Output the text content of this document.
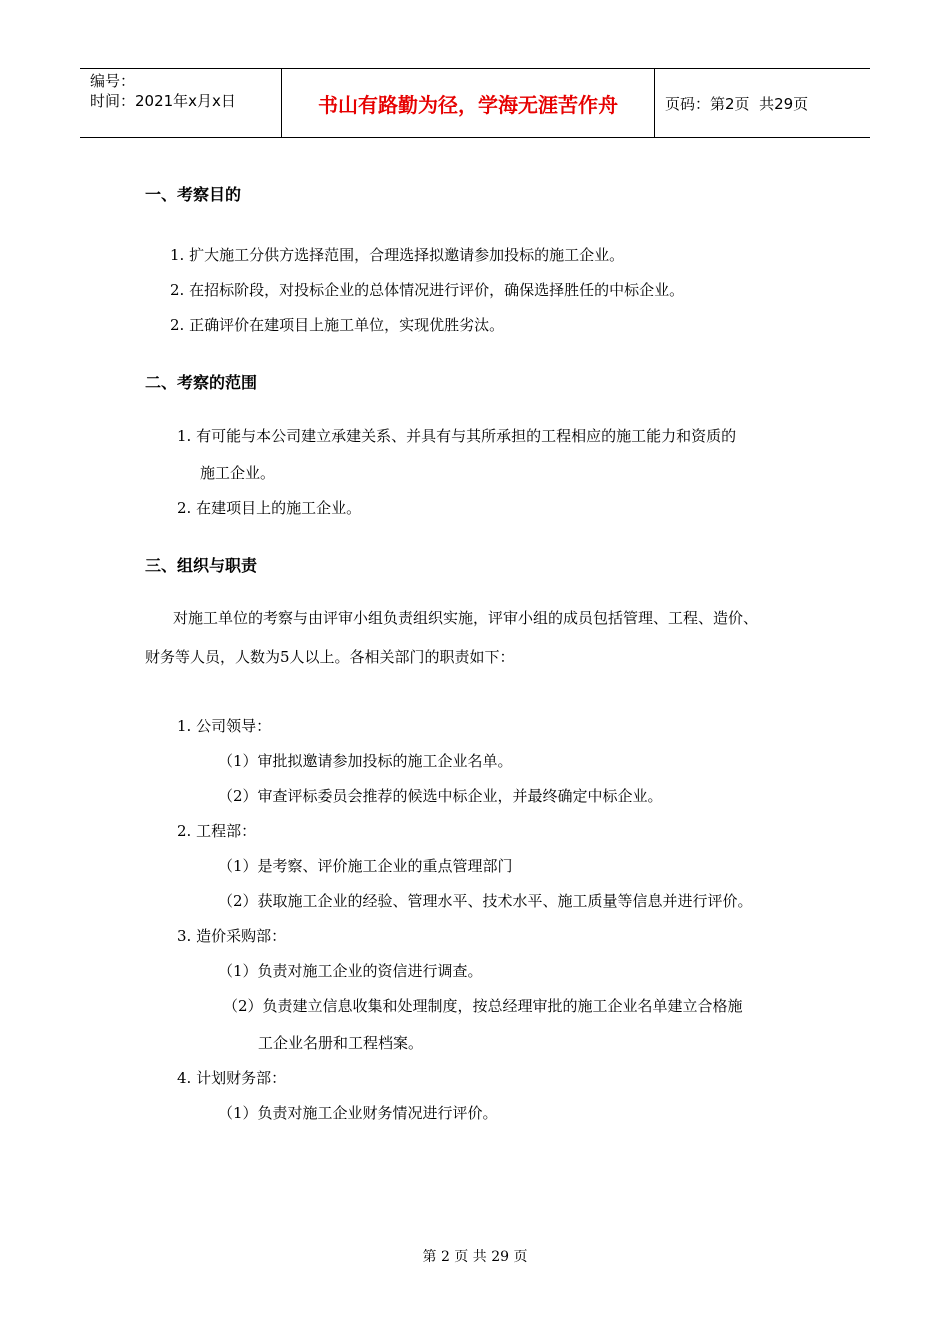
编号：
时间：2021年x月x日	书山有路勤为径，学海无涯苦作舟	页码：第2页  共29页
一、考察目的
1. 扩大施工分供方选择范围，合理选择拟邀请参加投标的施工企业。
2. 在招标阶段，对投标企业的总体情况进行评价，确保选择胜任的中标企业。
2. 正确评价在建项目上施工单位，实现优胜劣汰。
二、考察的范围
1. 有可能与本公司建立承建关系、并具有与其所承担的工程相应的施工能力和资质的
施工企业。
2. 在建项目上的施工企业。
三、组织与职责
对施工单位的考察与由评审小组负责组织实施，评审小组的成员包括管理、工程、造价、
财务等人员，人数为5人以上。各相关部门的职责如下：
1. 公司领导：
（1）审批拟邀请参加投标的施工企业名单。
（2）审查评标委员会推荐的候选中标企业，并最终确定中标企业。
2. 工程部：
（1）是考察、评价施工企业的重点管理部门
（2）获取施工企业的经验、管理水平、技术水平、施工质量等信息并进行评价。
3. 造价采购部：
（1）负责对施工企业的资信进行调查。
（2）负责建立信息收集和处理制度，按总经理审批的施工企业名单建立合格施
工企业名册和工程档案。
4. 计划财务部：
（1）负责对施工企业财务情况进行评价。
第 2 页 共 29 页
